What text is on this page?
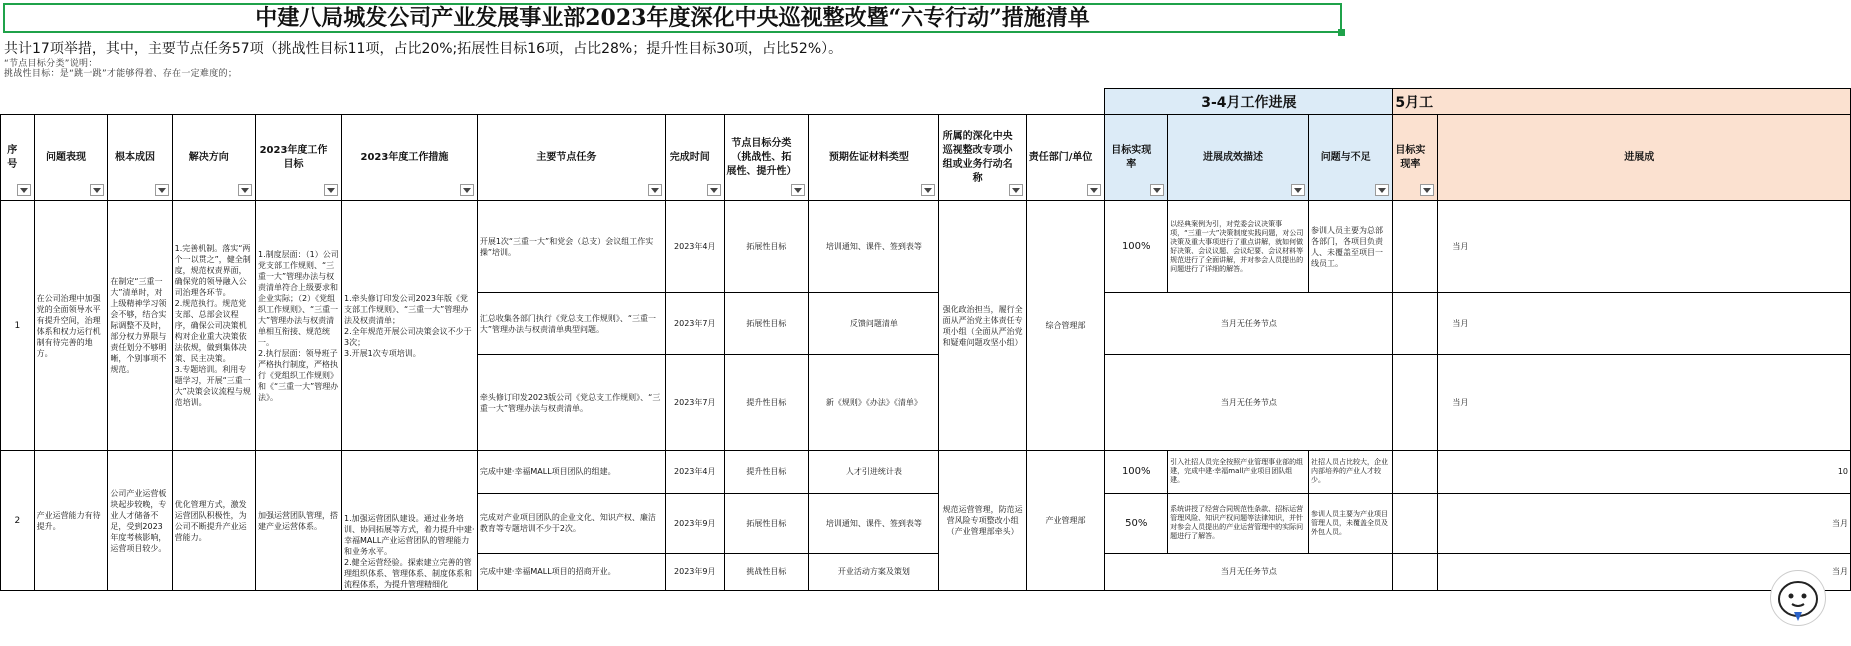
中建八局城发公司产业发展事业部2023年度深化中央巡视整改暨“六专行动”措施清单
共计17项举措，其中，主要节点任务57项（挑战性目标11项，占比20%;拓展性目标16项，占比28%；提升性目标30项，占比52%）。
“节点目标分类”说明：
挑战性目标：是“跳一跳”才能够得着、存在一定难度的；
												3-4月工作进展			5月工	

序号	问题表现	根本成因	解决方向	2023年度工作目标	2023年度工作措施	主要节点任务	完成时间	节点目标分类（挑战性、拓展性、提升性）	预期佐证材料类型	所属的深化中央巡视整改专项小组或业务行动名称	责任部门/单位	目标实现率	进展成效描述	问题与不足	目标实现率	进展成

1	在公司治理中加强党的全面领导水平有提升空间，治理体系和权力运行机制有待完善的地方。	在制定“三重一大”清单时，对上级精神学习领会不够，结合实际调整不及时，部分权力界限与责任划分不够明晰，个别事项不规范。	1.完善机制。落实“两个一以贯之”，健全制度，规范权责界面，确保党的领导融入公司治理各环节。
2.规范执行。规范党支部、总部会议程序，确保公司决策机构对企业重大决策依法依规，做到集体决策、民主决策。
3.专题培训。利用专题学习，开展“三重一大”决策会议流程与规范培训。	1.制度层面：（1）公司党支部工作规则、“三重一大”管理办法与权责清单符合上级要求和企业实际；（2）《党组织工作规则》、“三重一大”管理办法与权责清单相互衔接、规范统一。
2.执行层面：领导班子严格执行制度，严格执行《党组织工作规则》和《“三重一大”管理办法》。	1.牵头修订印发公司2023年版《党支部工作规则》、“三重一大”管理办法及权责清单；
2.全年规范开展公司决策会议不少于3次；
3.开展1次专项培训。	开展1次“三重一大”和党会（总支）会议组工作实操”培训。	2023年4月	拓展性目标	培训通知、课件、签到表等	强化政治担当，履行全面从严治党主体责任专项小组（全面从严治党和疑难问题攻坚小组）	综合管理部	100%	以经典案例为引，对党委会议决策事项，“三重一大”决策制度实践问题，对公司决策及重大事项进行了重点讲解，就如何做好决策、会议议题、会议纪要、会议材料等规范进行了全面讲解，并对参会人员提出的问题进行了详细的解答。	参训人员主要为总部各部门，各项目负责人、未覆盖至项目一线员工。		当月
						汇总收集各部门执行《党总支工作规则》、“三重一大”管理办法与权责清单典型问题。	2023年7月	拓展性目标	反馈问题清单			当月无任务节点				当月
						牵头修订印发2023版公司《党总支工作规则》、“三重一大”管理办法与权责清单。	2023年7月	提升性目标	新《规则》《办法》《清单》			当月无任务节点				当月
2	产业运营能力有待提升。	公司产业运营板块起步较晚，专业人才储备不足，受到2023年度考核影响，运营项目较少。	优化管理方式，激发运营团队积极性，为公司不断提升产业运营能力。	加强运营团队管理，搭建产业运营体系。	1.加强运营团队建设。通过业务培训、协同拓展等方式，着力提升中建·幸福MALL产业运营团队的管理能力和业务水平。
2.健全运营经验。探索建立完善的管理组织体系、管理体系、制度体系和流程体系，为提升管理精细化	完成中建·幸福MALL项目团队的组建。	2023年4月	提升性目标	人才引进统计表	规范运营管理，防范运营风险专项整改小组（产业管理部牵头）	产业管理部	100%	引入社招人员完全按照产业管理事业部的组建，完成中建·幸福mall产业项目团队组建。	社招人员占比较大，企业内部培养的产业人才较少。		10
						完成对产业项目团队的企业文化、知识产权、廉洁教育等专题培训不少于2次。	2023年9月	拓展性目标	培训通知、课件、签到表等			50%	系统讲授了经营合同规范性条款、招标运营管理风险、知识产权问题等法律知识，并针对参会人员提出的产业运营管理中的实际问题进行了解答。	参训人员主要为产业项目管理人员，未覆盖全员及外包人员。		当月
						完成中建·幸福MALL项目的招商开业。	2023年9月	挑战性目标	开业活动方案及策划			当月无任务节点				当月
